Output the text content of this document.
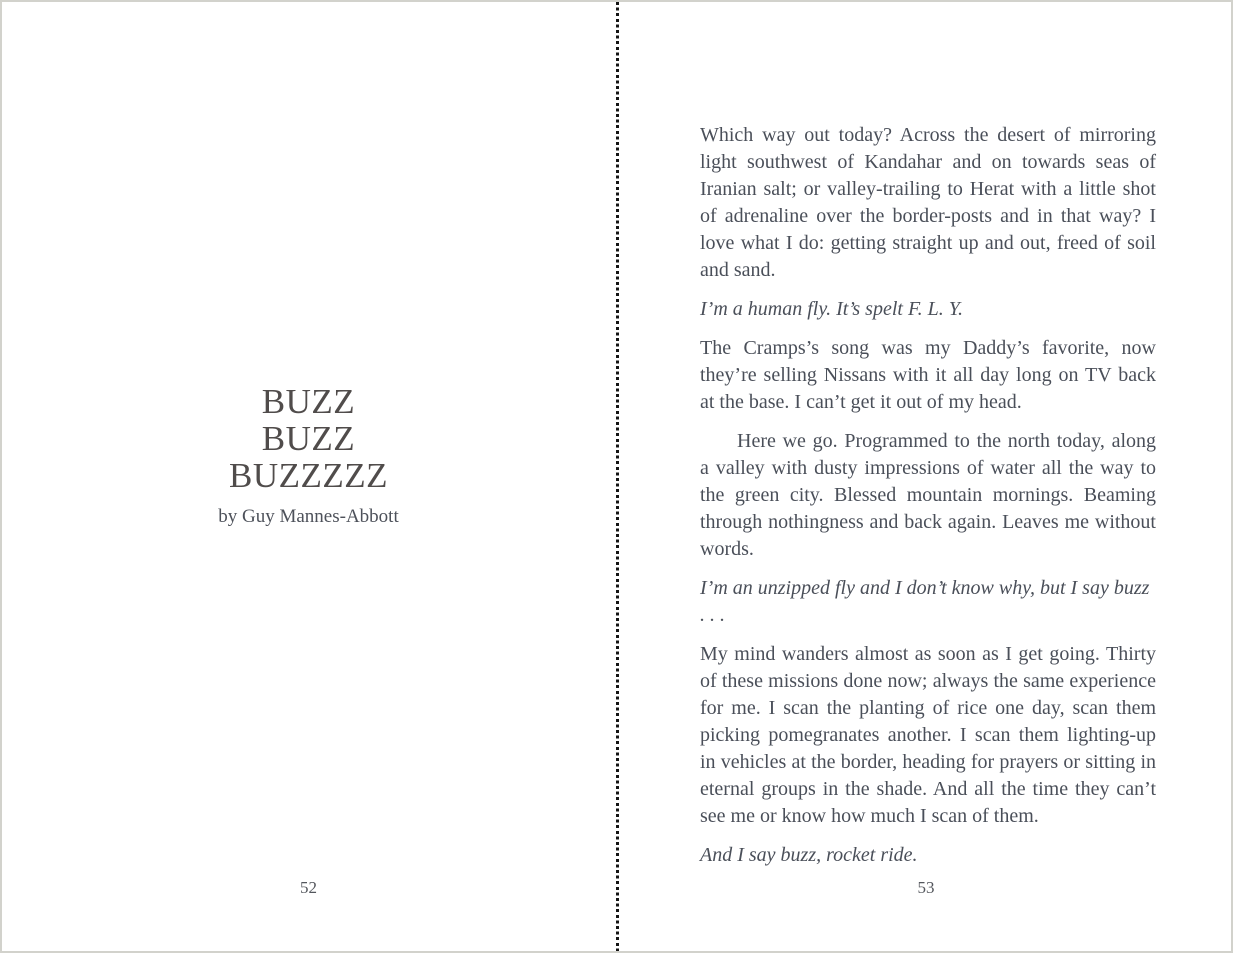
BUZZ
BUZZ
BUZZZZZ
by Guy Mannes-Abbott
52

Which way out today? Across the desert of mirroring light southwest of Kandahar and on towards seas of Iranian salt; or valley-trailing to Herat with a little shot of adrenaline over the border-posts and in that way? I love what I do: getting straight up and out, freed of soil and sand.

I’m a human fly. It’s spelt F. L. Y.

The Cramps’s song was my Daddy’s favorite, now they’re selling Nissans with it all day long on TV back at the base. I can’t get it out of my head.

Here we go. Programmed to the north today, along a valley with dusty impressions of water all the way to the green city. Blessed mountain mornings. Beaming through nothingness and back again. Leaves me without words.

I’m an unzipped fly and I don’t know why, but I say buzz . . .

My mind wanders almost as soon as I get going. Thirty of these missions done now; always the same experience for me. I scan the planting of rice one day, scan them picking pomegranates another. I scan them lighting-up in vehicles at the border, heading for prayers or sitting in eternal groups in the shade. And all the time they can’t see me or know how much I scan of them.

And I say buzz, rocket ride.

53
